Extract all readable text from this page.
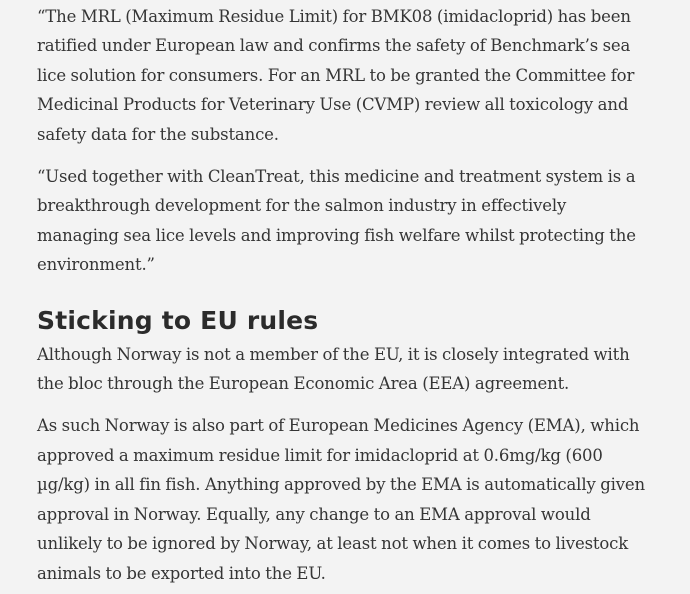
“The MRL (Maximum Residue Limit) for BMK08 (imidacloprid) has been ratified under European law and confirms the safety of Benchmark’s sea lice solution for consumers. For an MRL to be granted the Committee for Medicinal Products for Veterinary Use (CVMP) review all toxicology and safety data for the substance.

“Used together with CleanTreat, this medicine and treatment system is a breakthrough development for the salmon industry in effectively managing sea lice levels and improving fish welfare whilst protecting the environment.”

Sticking to EU rules

Although Norway is not a member of the EU, it is closely integrated with the bloc through the European Economic Area (EEA) agreement.

As such Norway is also part of European Medicines Agency (EMA), which approved a maximum residue limit for imidacloprid at 0.6mg/kg (600 µg/kg) in all fin fish. Anything approved by the EMA is automatically given approval in Norway. Equally, any change to an EMA approval would unlikely to be ignored by Norway, at least not when it comes to livestock animals to be exported into the EU.
